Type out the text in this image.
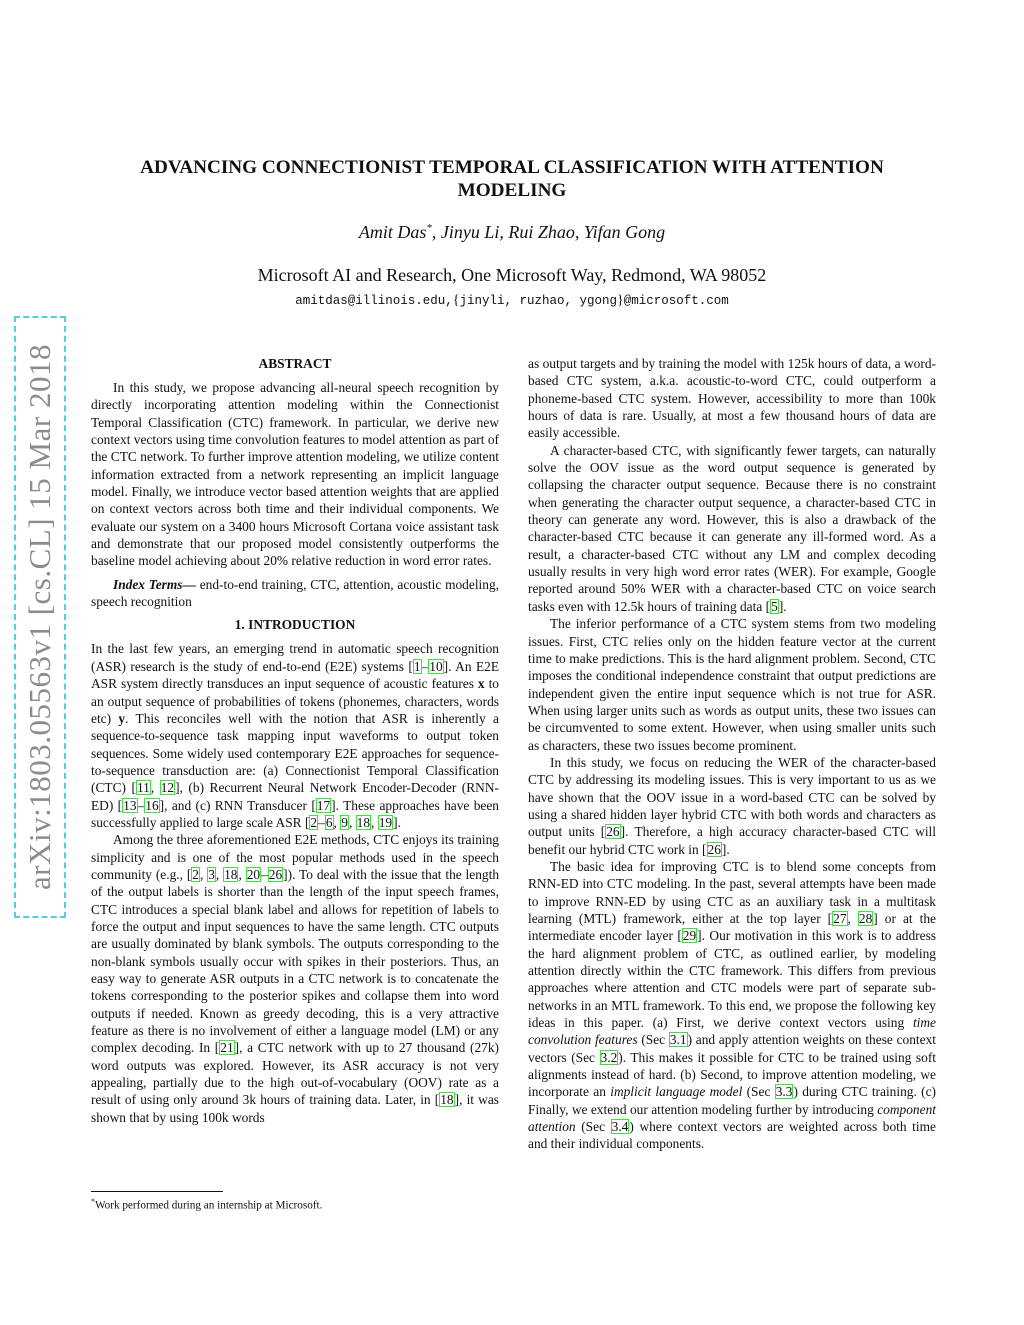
arXiv:1803.05563v1 [cs.CL] 15 Mar 2018
ADVANCING CONNECTIONIST TEMPORAL CLASSIFICATION WITH ATTENTION
MODELING
Amit Das*, Jinyu Li, Rui Zhao, Yifan Gong
Microsoft AI and Research, One Microsoft Way, Redmond, WA 98052
amitdas@illinois.edu,{jinyli, ruzhao, ygong}@microsoft.com
ABSTRACT

In this study, we propose advancing all-neural speech recognition by directly incorporating attention modeling within the Connectionist Temporal Classification (CTC) framework. In particular, we derive new context vectors using time convolution features to model attention as part of the CTC network. To further improve attention modeling, we utilize content information extracted from a network representing an implicit language model. Finally, we introduce vector based attention weights that are applied on context vectors across both time and their individual components. We evaluate our system on a 3400 hours Microsoft Cortana voice assistant task and demonstrate that our proposed model consistently outperforms the baseline model achieving about 20% relative reduction in word error rates.

Index Terms— end-to-end training, CTC, attention, acoustic modeling, speech recognition

1. INTRODUCTION

In the last few years, an emerging trend in automatic speech recognition (ASR) research is the study of end-to-end (E2E) systems [1–10]. An E2E ASR system directly transduces an input sequence of acoustic features x to an output sequence of probabilities of tokens (phonemes, characters, words etc) y. This reconciles well with the notion that ASR is inherently a sequence-to-sequence task mapping input waveforms to output token sequences. Some widely used contemporary E2E approaches for sequence-to-sequence transduction are: (a) Connectionist Temporal Classification (CTC) [11, 12], (b) Recurrent Neural Network Encoder-Decoder (RNN-ED) [13–16], and (c) RNN Transducer [17]. These approaches have been successfully applied to large scale ASR [2–6, 9, 18, 19].

Among the three aforementioned E2E methods, CTC enjoys its training simplicity and is one of the most popular methods used in the speech community (e.g., [2, 3, 18, 20–26]). To deal with the issue that the length of the output labels is shorter than the length of the input speech frames, CTC introduces a special blank label and allows for repetition of labels to force the output and input sequences to have the same length. CTC outputs are usually dominated by blank symbols. The outputs corresponding to the non-blank symbols usually occur with spikes in their posteriors. Thus, an easy way to generate ASR outputs in a CTC network is to concatenate the tokens corresponding to the posterior spikes and collapse them into word outputs if needed. Known as greedy decoding, this is a very attractive feature as there is no involvement of either a language model (LM) or any complex decoding. In [21], a CTC network with up to 27 thousand (27k) word outputs was explored. However, its ASR accuracy is not very appealing, partially due to the high out-of-vocabulary (OOV) rate as a result of using only around 3k hours of training data. Later, in [18], it was shown that by using 100k words

*Work performed during an internship at Microsoft.

as output targets and by training the model with 125k hours of data, a word-based CTC system, a.k.a. acoustic-to-word CTC, could outperform a phoneme-based CTC system. However, accessibility to more than 100k hours of data is rare. Usually, at most a few thousand hours of data are easily accessible.

A character-based CTC, with significantly fewer targets, can naturally solve the OOV issue as the word output sequence is generated by collapsing the character output sequence. Because there is no constraint when generating the character output sequence, a character-based CTC in theory can generate any word. However, this is also a drawback of the character-based CTC because it can generate any ill-formed word. As a result, a character-based CTC without any LM and complex decoding usually results in very high word error rates (WER). For example, Google reported around 50% WER with a character-based CTC on voice search tasks even with 12.5k hours of training data [5].

The inferior performance of a CTC system stems from two modeling issues. First, CTC relies only on the hidden feature vector at the current time to make predictions. This is the hard alignment problem. Second, CTC imposes the conditional independence constraint that output predictions are independent given the entire input sequence which is not true for ASR. When using larger units such as words as output units, these two issues can be circumvented to some extent. However, when using smaller units such as characters, these two issues become prominent.

In this study, we focus on reducing the WER of the character-based CTC by addressing its modeling issues. This is very important to us as we have shown that the OOV issue in a word-based CTC can be solved by using a shared hidden layer hybrid CTC with both words and characters as output units [26]. Therefore, a high accuracy character-based CTC will benefit our hybrid CTC work in [26].

The basic idea for improving CTC is to blend some concepts from RNN-ED into CTC modeling. In the past, several attempts have been made to improve RNN-ED by using CTC as an auxiliary task in a multitask learning (MTL) framework, either at the top layer [27, 28] or at the intermediate encoder layer [29]. Our motivation in this work is to address the hard alignment problem of CTC, as outlined earlier, by modeling attention directly within the CTC framework. This differs from previous approaches where attention and CTC models were part of separate sub-networks in an MTL framework. To this end, we propose the following key ideas in this paper. (a) First, we derive context vectors using time convolution features (Sec 3.1) and apply attention weights on these context vectors (Sec 3.2). This makes it possible for CTC to be trained using soft alignments instead of hard. (b) Second, to improve attention modeling, we incorporate an implicit language model (Sec 3.3) during CTC training. (c) Finally, we extend our attention modeling further by introducing component attention (Sec 3.4) where context vectors are weighted across both time and their individual components.
